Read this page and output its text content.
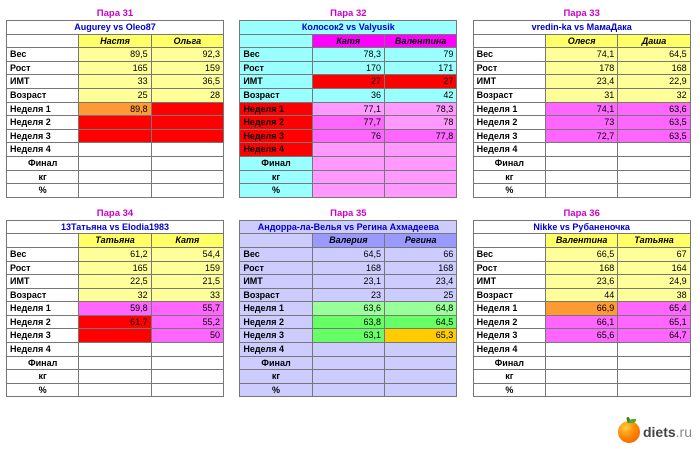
Пара 31
Augurey vs Oleo87		
	Настя	Ольга
Вес	89,5	92,3
Рост	165	159
ИМТ	33	36,5
Возраст	25	28
Неделя 1	89,8	
Неделя 2		
Неделя 3		
Неделя 4		
Финал		
кг		
%		
Пара 32
Колосок2 vs Valyusik		
	Катя	Валентина
Вес	78,3	79
Рост	170	171
ИМТ	27	27
Возраст	36	42
Неделя 1	77,1	78,3
Неделя 2	77,7	78
Неделя 3	76	77,8
Неделя 4		
Финал		
кг		
%		
Пара 33
vredin-ka vs МамаДака		
	Олеся	Даша
Вес	74,1	64,5
Рост	178	168
ИМТ	23,4	22,9
Возраст	31	32
Неделя 1	74,1	63,6
Неделя 2	73	63,5
Неделя 3	72,7	63,5
Неделя 4		
Финал		
кг		
%		
Пара 34
13Татьяна vs Elodia1983		
	Татьяна	Катя
Вес	61,2	54,4
Рост	165	159
ИМТ	22,5	21,5
Возраст	32	33
Неделя 1	59,8	55,7
Неделя 2	61,7	55,2
Неделя 3		50
Неделя 4		
Финал		
кг		
%		
Пара 35
Андорра-ла-Велья vs Регина Ахмадеева		
	Валерия	Регина
Вес	64,5	66
Рост	168	168
ИМТ	23,1	23,4
Возраст	23	25
Неделя 1	63,6	64,8
Неделя 2	63,8	64,5
Неделя 3	63,1	65,3
Неделя 4		
Финал		
кг		
%		
Пара 36
Nikke vs Рубаненочка		
	Валентина	Татьяна
Вес	66,5	67
Рост	168	164
ИМТ	23,6	24,9
Возраст	44	38
Неделя 1	66,9	65,4
Неделя 2	66,1	65,1
Неделя 3	65,6	64,7
Неделя 4		
Финал		
кг		
%		
diets.ru
